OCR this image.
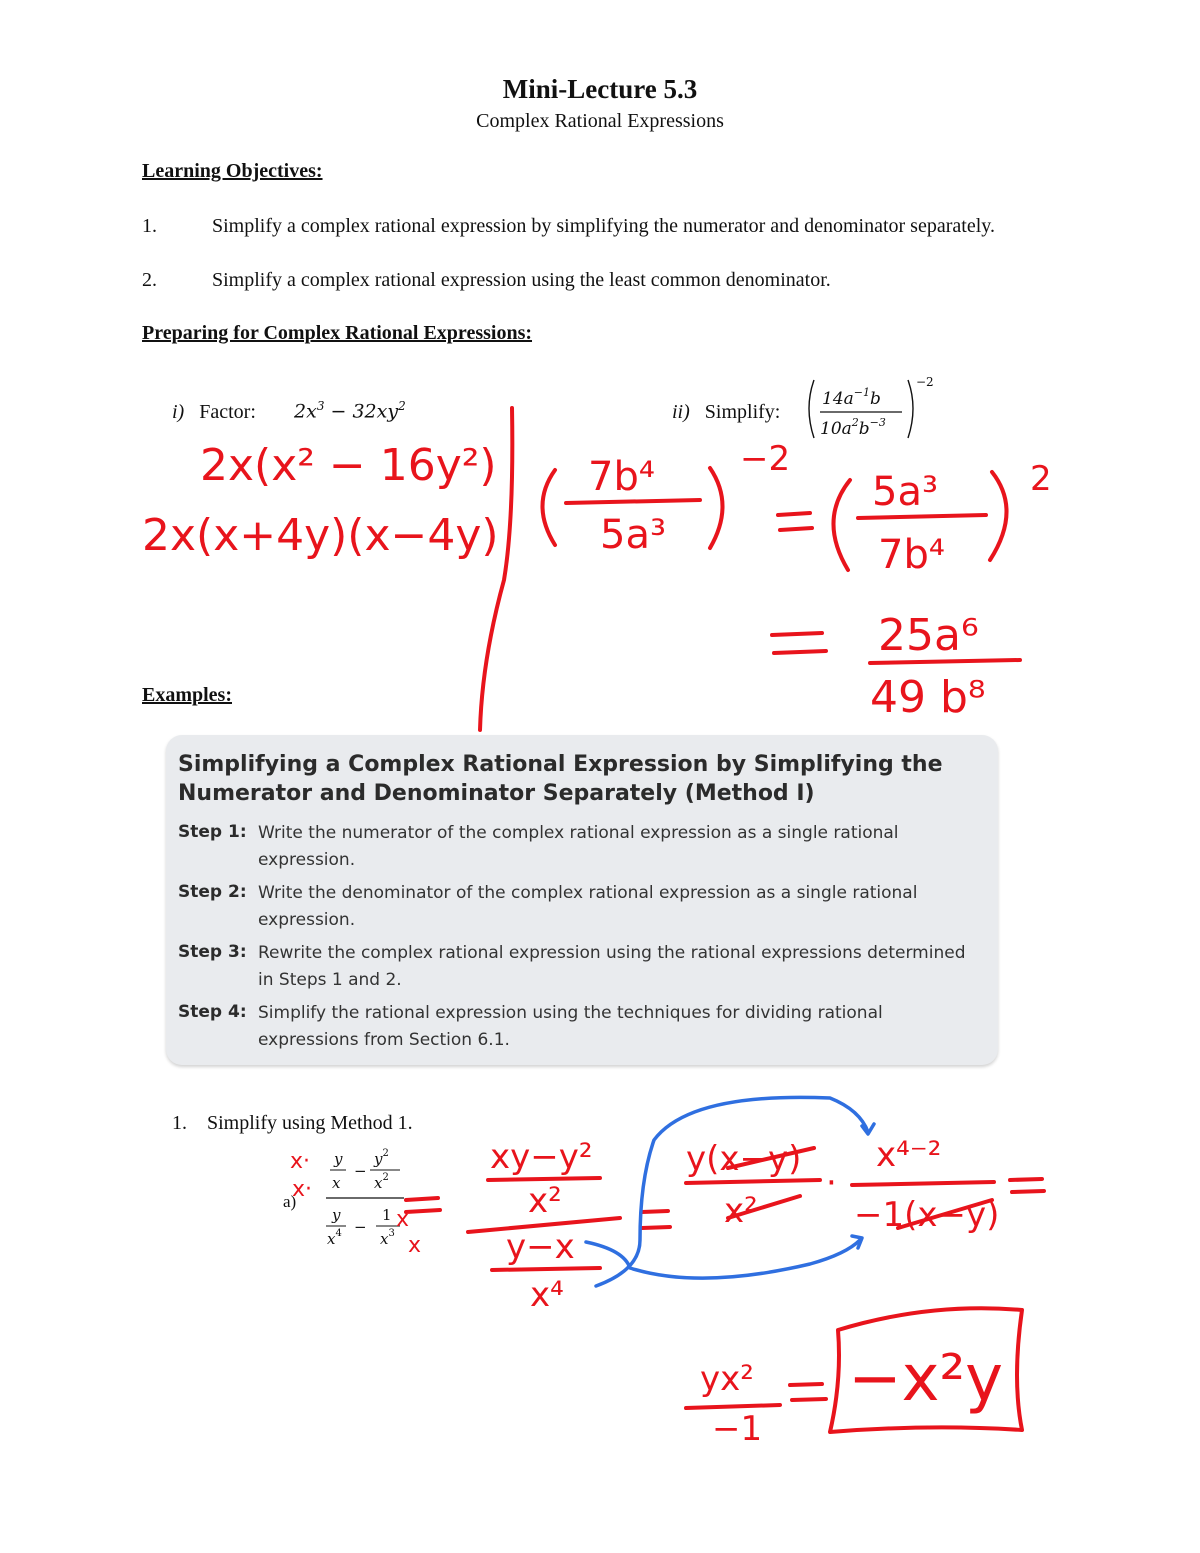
Mini-Lecture 5.3
Complex Rational Expressions
Learning Objectives:
1.	Simplify a complex rational expression by simplifying the numerator and denominator separately.
2.	Simplify a complex rational expression using the least common denominator.
Preparing for Complex Rational Expressions:
i) Factor: $2x^3 - 32xy^2$	ii) Simplify:
$14a^{-1}b$
$10a^2b^{-3}$
−2
Examples:
Simplifying a Complex Rational Expression by Simplifying the Numerator and Denominator Separately (Method I)
Step 1: Write the numerator of the complex rational expression as a single rational expression.
Step 2: Write the denominator of the complex rational expression as a single rational expression.
Step 3: Rewrite the complex rational expression using the rational expressions determined in Steps 1 and 2.
Step 4: Simplify the rational expression using the techniques for dividing rational expressions from Section 6.1.
1. Simplify using Method 1.
a)
y
x
−
$y^2$
$x^2$
y
$x^4$ −
1
$x^3$
2x(x² − 16y²)
2x(x+4y)(x−4y)
7b⁴
5a³
−2
5a³
7b⁴
2
25a⁶
49 b⁸
x·
x·
x
x
xy−y²
x²
y−x
x⁴
y(x−y)
x²
·
x⁴⁻²
−1(x−y)
yx²
−1
−x²y
